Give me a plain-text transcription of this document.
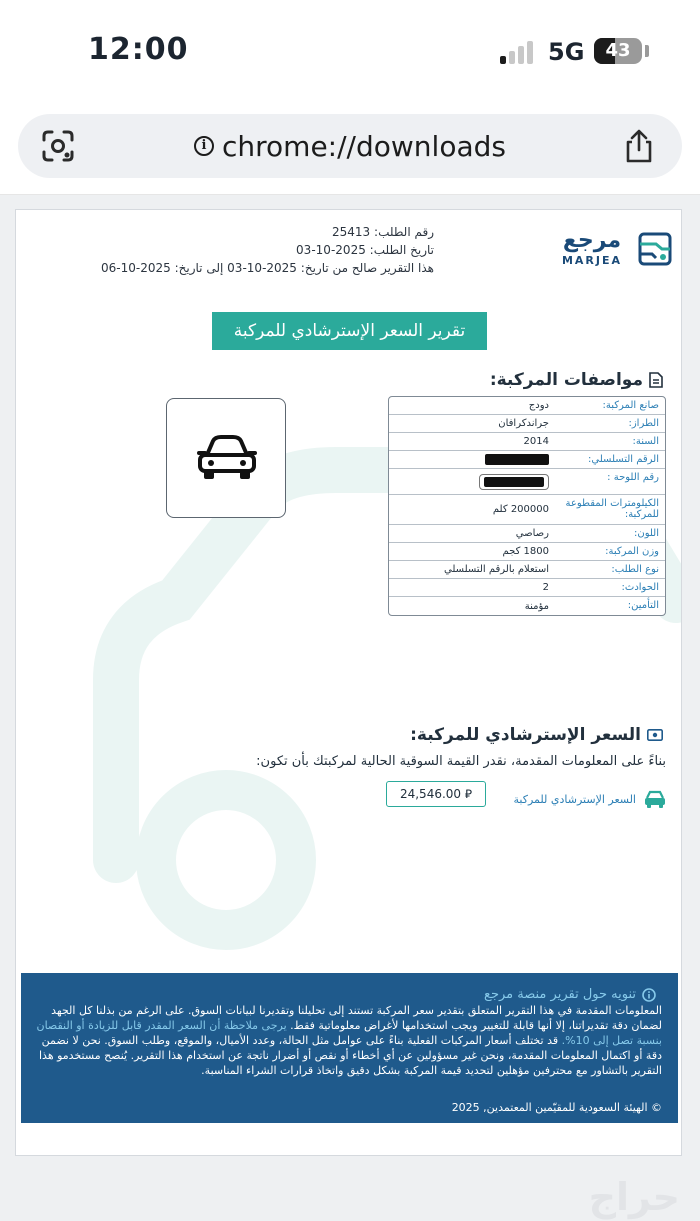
12:00	5G	43
i chrome://downloads
رقم الطلب: 25413
تاريخ الطلب: 2025-10-03
هذا التقرير صالح من تاريخ: 2025-10-03 إلى تاريخ: 2025-10-06
مرجع
MARJEA
تقرير السعر الإسترشادي للمركبة
مواصفات المركبة:
صانع المركبة:
دودج
الطراز:
جراندكرافان
السنة:
2014
الرقم التسلسلي:
رقم اللوحة :
الكيلومترات المقطوعة للمركبة:
200000 كلم
اللون:
رصاصي
وزن المركبة:
1800 كجم
نوع الطلب:
استعلام بالرقم التسلسلي
الحوادث:
2
التأمين:
مؤمنة
السعر الإسترشادي للمركبة:
بناءً على المعلومات المقدمة، نقدر القيمة السوقية الحالية لمركبتك بأن تكون:
السعر الإسترشادي للمركبة
24,546.00 ⃁
تنويه حول تقرير منصة مرجع
المعلومات المقدمة في هذا التقرير المتعلق بتقدير سعر المركبة تستند إلى تحليلنا وتقديرنا لبيانات السوق. على الرغم من بذلنا كل الجهد لضمان دقة تقديراتنا، إلا أنها قابلة للتغيير ويجب استخدامها لأغراض معلوماتية فقط. يرجى ملاحظة أن السعر المقدر قابل للزيادة أو النقصان بنسبة تصل إلى 10%. قد تختلف أسعار المركبات الفعلية بناءً على عوامل مثل الحالة، وعدد الأميال، والموقع، وطلب السوق. نحن لا نضمن دقة أو اكتمال المعلومات المقدمة، ونحن غير مسؤولين عن أي أخطاء أو نقص أو أضرار ناتجة عن استخدام هذا التقرير. يُنصح مستخدمو هذا التقرير بالتشاور مع محترفين مؤهلين لتحديد قيمة المركبة بشكل دقيق واتخاذ قرارات الشراء المناسبة.
© الهيئة السعودية للمقيّمين المعتمدين, 2025
حراج
